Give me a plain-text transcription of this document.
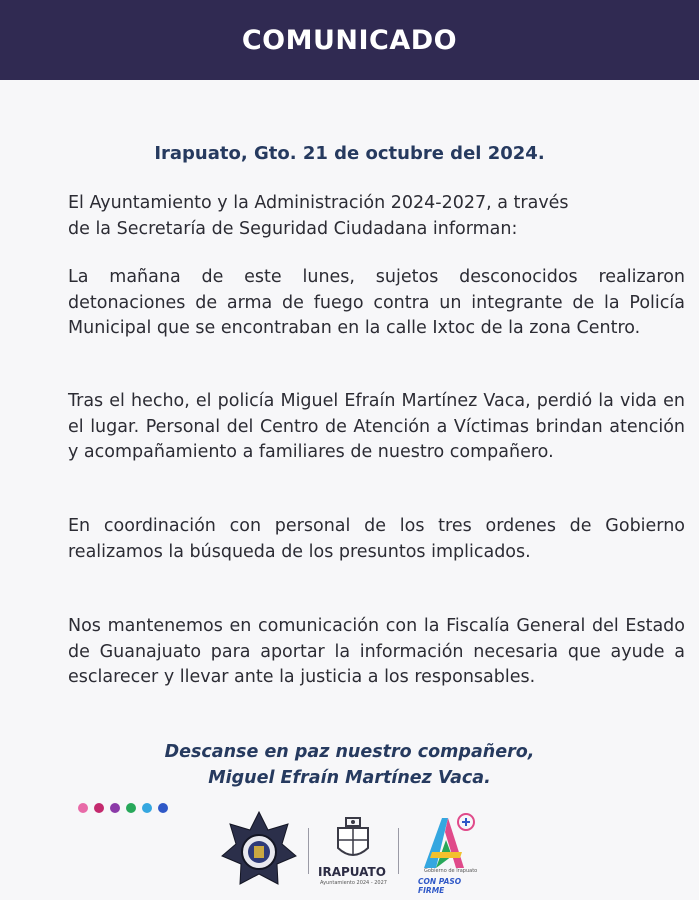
COMUNICADO
Irapuato, Gto. 21 de octubre del 2024.
El Ayuntamiento y la Administración 2024-2027, a través
de la Secretaría de Seguridad Ciudadana informan:
La mañana de este lunes, sujetos desconocidos realizaron detonaciones de arma de fuego contra un integrante de la Policía Municipal que se encontraban en la calle Ixtoc de la zona Centro.
Tras el hecho, el policía Miguel Efraín Martínez Vaca, perdió la vida en el lugar. Personal del Centro de Atención a Víctimas brindan atención y acompañamiento a familiares de nuestro compañero.
En coordinación con personal de los tres ordenes de Gobierno realizamos la búsqueda de los presuntos implicados.
Nos mantenemos en comunicación con la Fiscalía General del Estado de Guanajuato para aportar la información necesaria que ayude a esclarecer y llevar ante la justicia a los responsables.
Descanse en paz nuestro compañero,
Miguel Efraín Martínez Vaca.
IRAPUATO
Ayuntamiento 2024 - 2027
Gobierno de Irapuato
CON PASO FIRME
